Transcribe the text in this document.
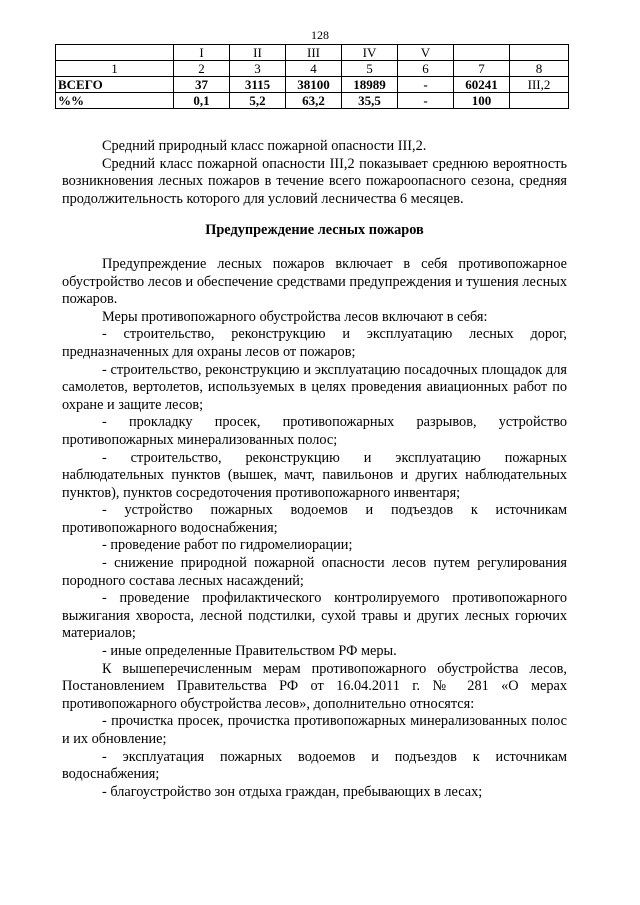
128
	I	II	III	IV	V		
1	2	3	4	5	6	7	8
ВСЕГО	37	3115	38100	18989	-	60241	III,2
%%	0,1	5,2	63,2	35,5	-	100	

Средний природный класс пожарной опасности III,2.

Средний класс пожарной опасности III,2 показывает среднюю вероятность возникновения лесных пожаров в течение всего пожароопасного сезона, средняя продолжительность которого для условий лесничества 6 месяцев.

Предупреждение лесных пожаров

Предупреждение лесных пожаров включает в себя противопожарное обустройство лесов и обеспечение средствами предупреждения и тушения лесных пожаров.

Меры противопожарного обустройства лесов включают в себя:

- строительство, реконструкцию и эксплуатацию лесных дорог, предназначенных для охраны лесов от пожаров;

- строительство, реконструкцию и эксплуатацию посадочных площадок для самолетов, вертолетов, используемых в целях проведения авиационных работ по охране и защите лесов;

- прокладку просек, противопожарных разрывов, устройство противопожарных минерализованных полос;

- строительство, реконструкцию и эксплуатацию пожарных наблюдательных пунктов (вышек, мачт, павильонов и других наблюдательных пунктов), пунктов сосредоточения противопожарного инвентаря;

- устройство пожарных водоемов и подъездов к источникам противопожарного водоснабжения;

- проведение работ по гидромелиорации;

- снижение природной пожарной опасности лесов путем регулирования породного состава лесных насаждений;

- проведение профилактического контролируемого противопожарного выжигания хвороста, лесной подстилки, сухой травы и других лесных горючих материалов;

- иные определенные Правительством РФ меры.

К вышеперечисленным мерам противопожарного обустройства лесов, Постановлением Правительства РФ от 16.04.2011 г. № 281 «О мерах противопожарного обустройства лесов», дополнительно относятся:

- прочистка просек, прочистка противопожарных минерализованных полос и их обновление;

- эксплуатация пожарных водоемов и подъездов к источникам водоснабжения;

- благоустройство зон отдыха граждан, пребывающих в лесах;
